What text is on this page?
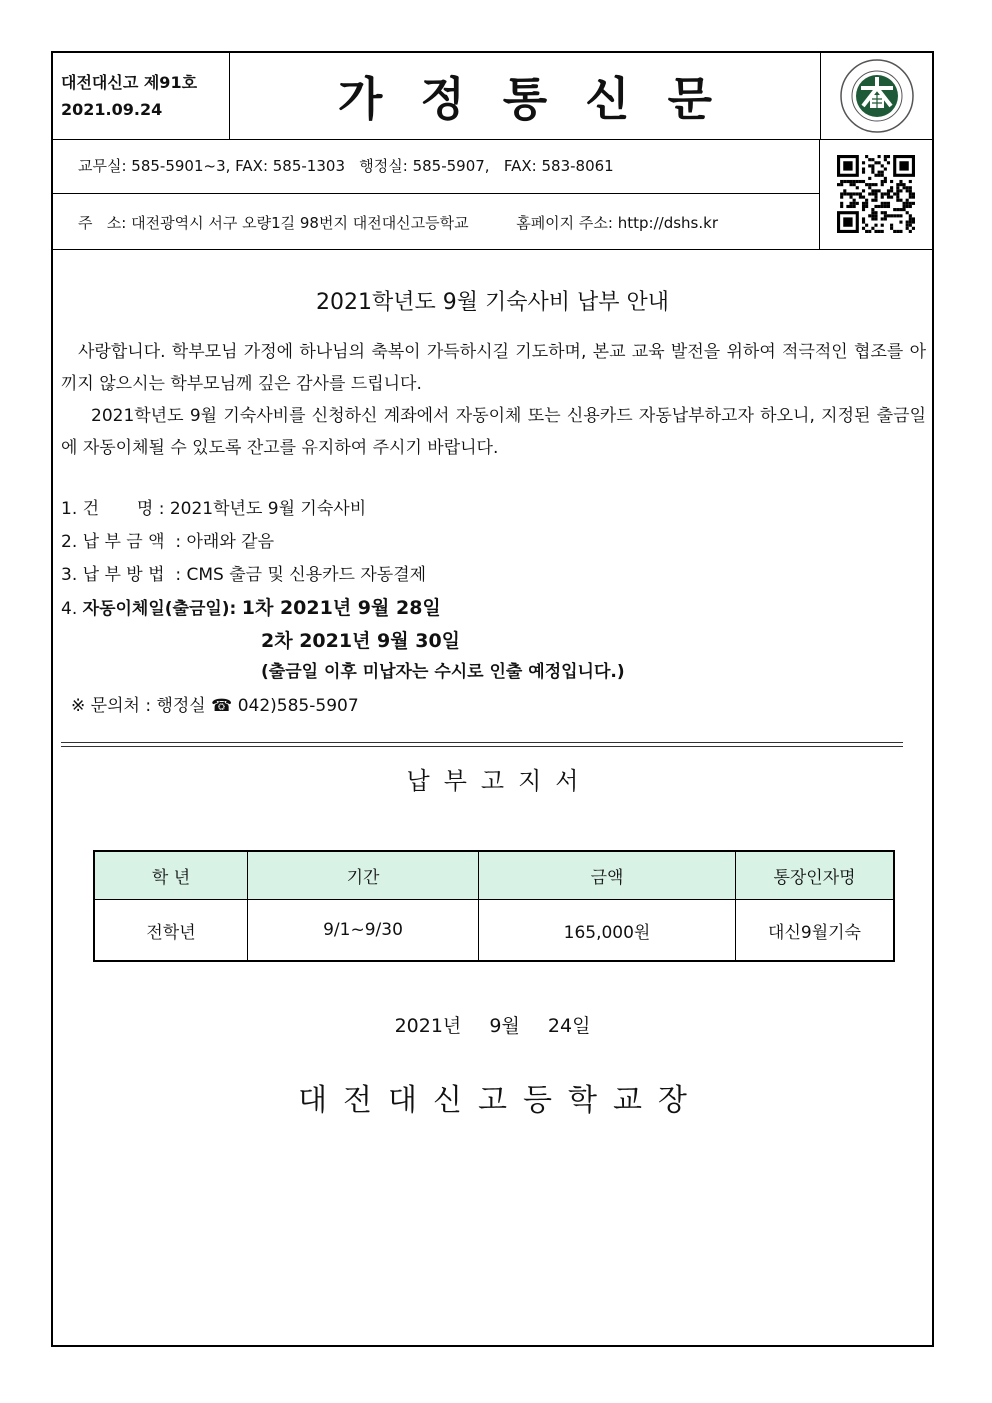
대전대신고 제91호
2021.09.24	가정통신문
교무실: 585-5901~3, FAX: 585-1303   행정실: 585-5907,   FAX: 583-8061
주   소: 대전광역시 서구 오량1길 98번지 대전대신고등학교	홈페이지 주소: http://dshs.kr
2021학년도 9월 기숙사비 납부 안내
사랑합니다. 학부모님 가정에 하나님의 축복이 가득하시길 기도하며, 본교 교육 발전을 위하여 적극적인 협조를 아끼지 않으시는 학부모님께 깊은 감사를 드립니다.
2021학년도 9월 기숙사비를 신청하신 계좌에서 자동이체 또는 신용카드 자동납부하고자 하오니, 지정된 출금일에 자동이체될 수 있도록 잔고를 유지하여 주시기 바랍니다.
1. 건       명 : 2021학년도 9월 기숙사비
2. 납 부 금 액  : 아래와 같음
3. 납 부 방 법  : CMS 출금 및 신용카드 자동결제
4. 자동이체일(출금일): 1차 2021년 9월 28일
2차 2021년 9월 30일
(출금일 이후 미납자는 수시로 인출 예정입니다.)
※ 문의처 : 행정실 ☎ 042)585-5907
납부고지서
학 년	기간	금액	통장인자명
전학년	9/1~9/30	165,000원	대신9월기숙
2021년  9월  24일
대전대신고등학교장
